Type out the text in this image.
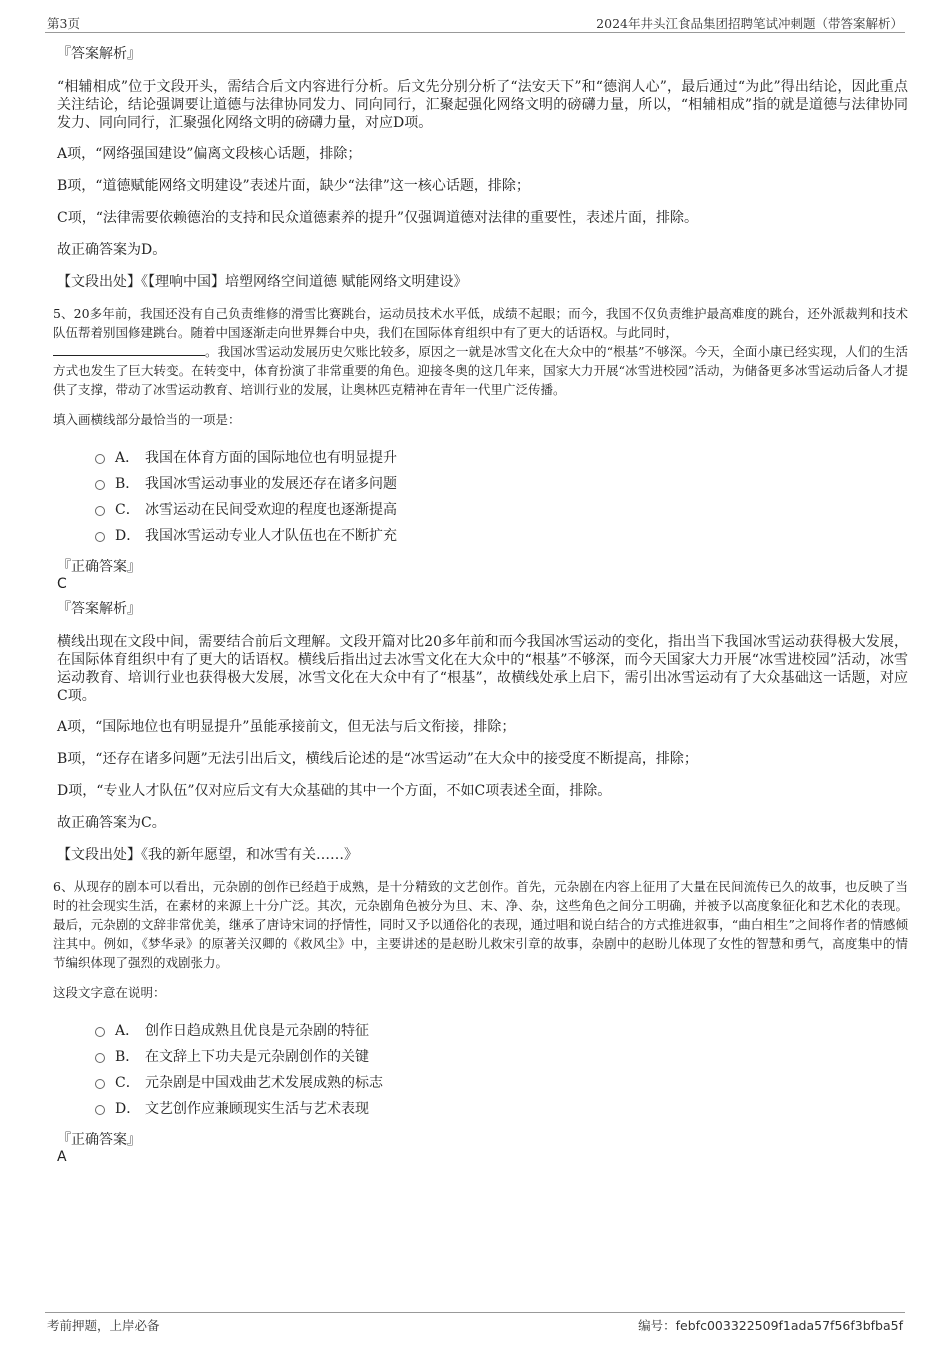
第3页	2024年井头江食品集团招聘笔试冲刺题（带答案解析）
『答案解析』
“相辅相成”位于文段开头，需结合后文内容进行分析。后文先分别分析了“法安天下”和“德润人心”，最后通过“为此”得出结论，因此重点关注结论，结论强调要让道德与法律协同发力、同向同行，汇聚起强化网络文明的磅礴力量，所以，“相辅相成”指的就是道德与法律协同发力、同向同行，汇聚强化网络文明的磅礴力量，对应D项。
A项，“网络强国建设”偏离文段核心话题，排除；
B项，“道德赋能网络文明建设”表述片面，缺少“法律”这一核心话题，排除；
C项，“法律需要依赖德治的支持和民众道德素养的提升”仅强调道德对法律的重要性，表述片面，排除。
故正确答案为D。
【文段出处】《【理响中国】培塑网络空间道德 赋能网络文明建设》
5、20多年前，我国还没有自己负责维修的滑雪比赛跳台，运动员技术水平低，成绩不起眼；而今，我国不仅负责维护最高难度的跳台，还外派裁判和技术队伍帮着别国修建跳台。随着中国逐渐走向世界舞台中央，我们在国际体育组织中有了更大的话语权。与此同时，
。我国冰雪运动发展历史欠账比较多，原因之一就是冰雪文化在大众中的“根基”不够深。今天，全面小康已经实现，人们的生活方式也发生了巨大转变。在转变中，体育扮演了非常重要的角色。迎接冬奥的这几年来，国家大力开展“冰雪进校园”活动，为储备更多冰雪运动后备人才提供了支撑，带动了冰雪运动教育、培训行业的发展，让奥林匹克精神在青年一代里广泛传播。
填入画横线部分最恰当的一项是：
A． 我国在体育方面的国际地位也有明显提升
B． 我国冰雪运动事业的发展还存在诸多问题
C． 冰雪运动在民间受欢迎的程度也逐渐提高
D． 我国冰雪运动专业人才队伍也在不断扩充
『正确答案』
C
『答案解析』
横线出现在文段中间，需要结合前后文理解。文段开篇对比20多年前和而今我国冰雪运动的变化，指出当下我国冰雪运动获得极大发展，在国际体育组织中有了更大的话语权。横线后指出过去冰雪文化在大众中的“根基”不够深，而今天国家大力开展“冰雪进校园”活动，冰雪运动教育、培训行业也获得极大发展，冰雪文化在大众中有了“根基”，故横线处承上启下，需引出冰雪运动有了大众基础这一话题，对应C项。
A项，“国际地位也有明显提升”虽能承接前文，但无法与后文衔接，排除；
B项，“还存在诸多问题”无法引出后文，横线后论述的是“冰雪运动”在大众中的接受度不断提高，排除；
D项，“专业人才队伍”仅对应后文有大众基础的其中一个方面，不如C项表述全面，排除。
故正确答案为C。
【文段出处】《我的新年愿望，和冰雪有关……》
6、从现存的剧本可以看出，元杂剧的创作已经趋于成熟，是十分精致的文艺创作。首先，元杂剧在内容上征用了大量在民间流传已久的故事，也反映了当时的社会现实生活，在素材的来源上十分广泛。其次，元杂剧角色被分为旦、末、净、杂，这些角色之间分工明确，并被予以高度象征化和艺术化的表现。最后，元杂剧的文辞非常优美，继承了唐诗宋词的抒情性，同时又予以通俗化的表现，通过唱和说白结合的方式推进叙事，“曲白相生”之间将作者的情感倾注其中。例如，《梦华录》的原著关汉卿的《救风尘》中，主要讲述的是赵盼儿救宋引章的故事，杂剧中的赵盼儿体现了女性的智慧和勇气，高度集中的情节编织体现了强烈的戏剧张力。
这段文字意在说明：
A． 创作日趋成熟且优良是元杂剧的特征
B． 在文辞上下功夫是元杂剧创作的关键
C． 元杂剧是中国戏曲艺术发展成熟的标志
D． 文艺创作应兼顾现实生活与艺术表现
『正确答案』
A
考前押题，上岸必备	编号：febfc003322509f1ada57f56f3bfba5f
